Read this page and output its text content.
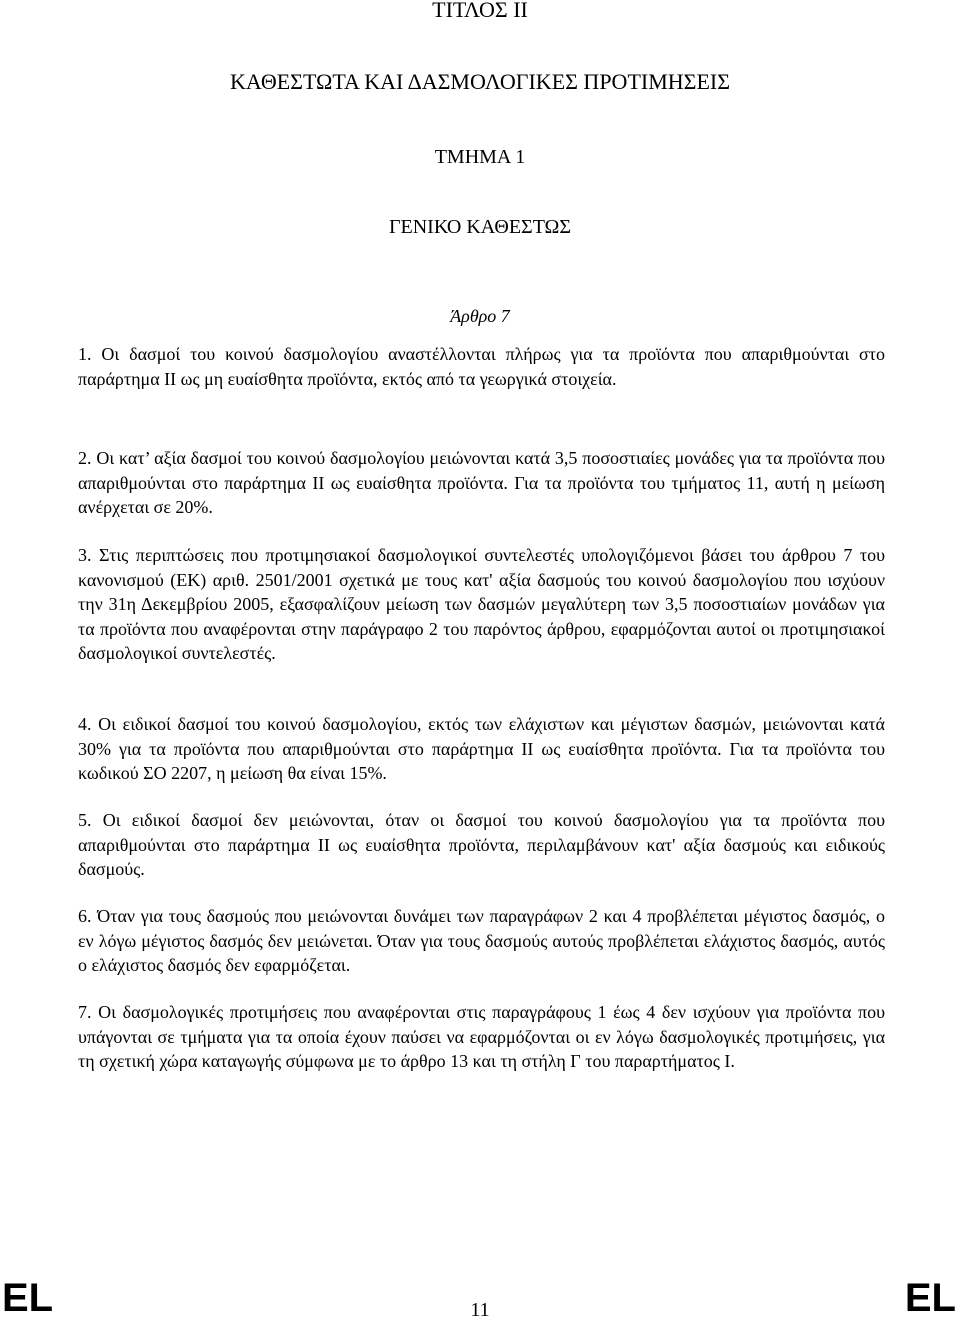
ΤΙΤΛΟΣ ΙΙ
ΚΑΘΕΣΤΩΤΑ ΚΑΙ ΔΑΣΜΟΛΟΓΙΚΕΣ ΠΡΟΤΙΜΗΣΕΙΣ
ΤΜΗΜΑ 1
ΓΕΝΙΚΟ ΚΑΘΕΣΤΩΣ
Άρθρο 7
1. Οι δασμοί του κοινού δασμολογίου αναστέλλονται πλήρως για τα προϊόντα που απαριθμούνται στο παράρτημα ΙΙ ως μη ευαίσθητα προϊόντα, εκτός από τα γεωργικά στοιχεία.
2. Οι κατ’ αξία δασμοί του κοινού δασμολογίου μειώνονται κατά 3,5 ποσοστιαίες μονάδες για τα προϊόντα που απαριθμούνται στο παράρτημα ΙΙ ως ευαίσθητα προϊόντα. Για τα προϊόντα του τμήματος 11, αυτή η μείωση ανέρχεται σε 20%.
3. Στις περιπτώσεις που προτιμησιακοί δασμολογικοί συντελεστές υπολογιζόμενοι βάσει του άρθρου 7 του κανονισμού (ΕΚ) αριθ. 2501/2001 σχετικά με τους κατ' αξία δασμούς του κοινού δασμολογίου που ισχύουν την 31η Δεκεμβρίου 2005, εξασφαλίζουν μείωση των δασμών μεγαλύτερη των 3,5 ποσοστιαίων μονάδων για τα προϊόντα που αναφέρονται στην παράγραφο 2 του παρόντος άρθρου, εφαρμόζονται αυτοί οι προτιμησιακοί δασμολογικοί συντελεστές.
4. Οι ειδικοί δασμοί του κοινού δασμολογίου, εκτός των ελάχιστων και μέγιστων δασμών, μειώνονται κατά 30% για τα προϊόντα που απαριθμούνται στο παράρτημα ΙΙ ως ευαίσθητα προϊόντα. Για τα προϊόντα του κωδικού ΣΟ 2207, η μείωση θα είναι 15%.
5. Οι ειδικοί δασμοί δεν μειώνονται, όταν οι δασμοί του κοινού δασμολογίου για τα προϊόντα που απαριθμούνται στο παράρτημα ΙΙ ως ευαίσθητα προϊόντα, περιλαμβάνουν κατ' αξία δασμούς και ειδικούς δασμούς.
6. Όταν για τους δασμούς που μειώνονται δυνάμει των παραγράφων 2 και 4 προβλέπεται μέγιστος δασμός, ο εν λόγω μέγιστος δασμός δεν μειώνεται. Όταν για τους δασμούς αυτούς προβλέπεται ελάχιστος δασμός, αυτός ο ελάχιστος δασμός δεν εφαρμόζεται.
7. Οι δασμολογικές προτιμήσεις που αναφέρονται στις παραγράφους 1 έως 4 δεν ισχύουν για προϊόντα που υπάγονται σε τμήματα για τα οποία έχουν παύσει να εφαρμόζονται οι εν λόγω δασμολογικές προτιμήσεις, για τη σχετική χώρα καταγωγής σύμφωνα με το άρθρο 13 και τη στήλη Γ του παραρτήματος Ι.
EL	11	EL
